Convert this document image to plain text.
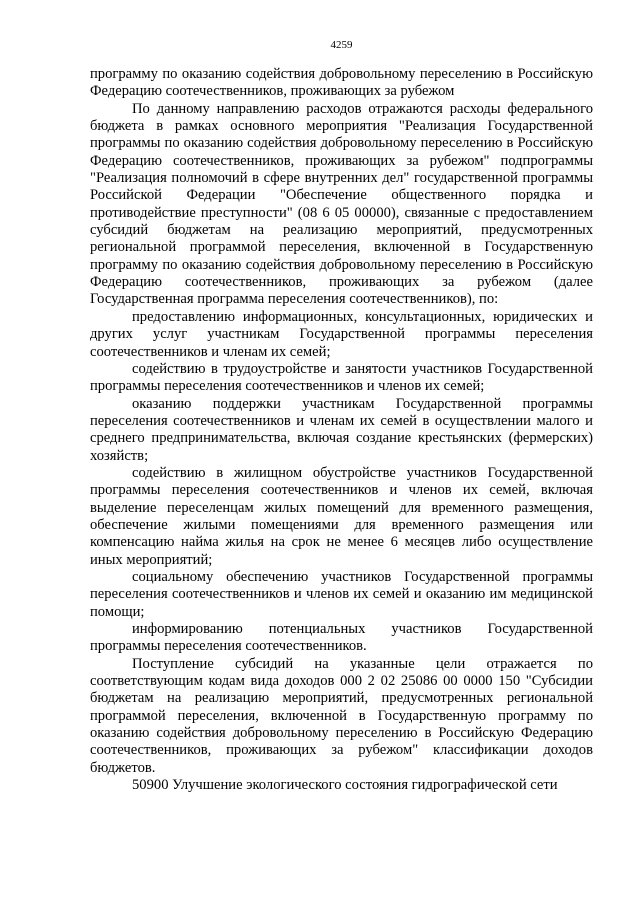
4259

программу по оказанию содействия добровольному переселению в Российскую Федерацию соотечественников, проживающих за рубежом

По данному направлению расходов отражаются расходы федерального бюджета в рамках основного мероприятия "Реализация Государственной программы по оказанию содействия добровольному переселению в Российскую Федерацию соотечественников, проживающих за рубежом" подпрограммы "Реализация полномочий в сфере внутренних дел" государственной программы Российской Федерации "Обеспечение общественного порядка и противодействие преступности" (08 6 05 00000), связанные с предоставлением субсидий бюджетам на реализацию мероприятий, предусмотренных региональной программой переселения, включенной в Государственную программу по оказанию содействия добровольному переселению в Российскую Федерацию соотечественников, проживающих за рубежом (далее Государственная программа переселения соотечественников), по:

предоставлению информационных, консультационных, юридических и других услуг участникам Государственной программы переселения соотечественников и членам их семей;

содействию в трудоустройстве и занятости участников Государственной программы переселения соотечественников и членов их семей;

оказанию поддержки участникам Государственной программы переселения соотечественников и членам их семей в осуществлении малого и среднего предпринимательства, включая создание крестьянских (фермерских) хозяйств;

содействию в жилищном обустройстве участников Государственной программы переселения соотечественников и членов их семей, включая выделение переселенцам жилых помещений для временного размещения, обеспечение жилыми помещениями для временного размещения или компенсацию найма жилья на срок не менее 6 месяцев либо осуществление иных мероприятий;

социальному обеспечению участников Государственной программы переселения соотечественников и членов их семей и оказанию им медицинской помощи;

информированию потенциальных участников Государственной программы переселения соотечественников.

Поступление субсидий на указанные цели отражается по соответствующим кодам вида доходов 000 2 02 25086 00 0000 150 "Субсидии бюджетам на реализацию мероприятий, предусмотренных региональной программой переселения, включенной в Государственную программу по оказанию содействия добровольному переселению в Российскую Федерацию соотечественников, проживающих за рубежом" классификации доходов бюджетов.

50900 Улучшение экологического состояния гидрографической сети
